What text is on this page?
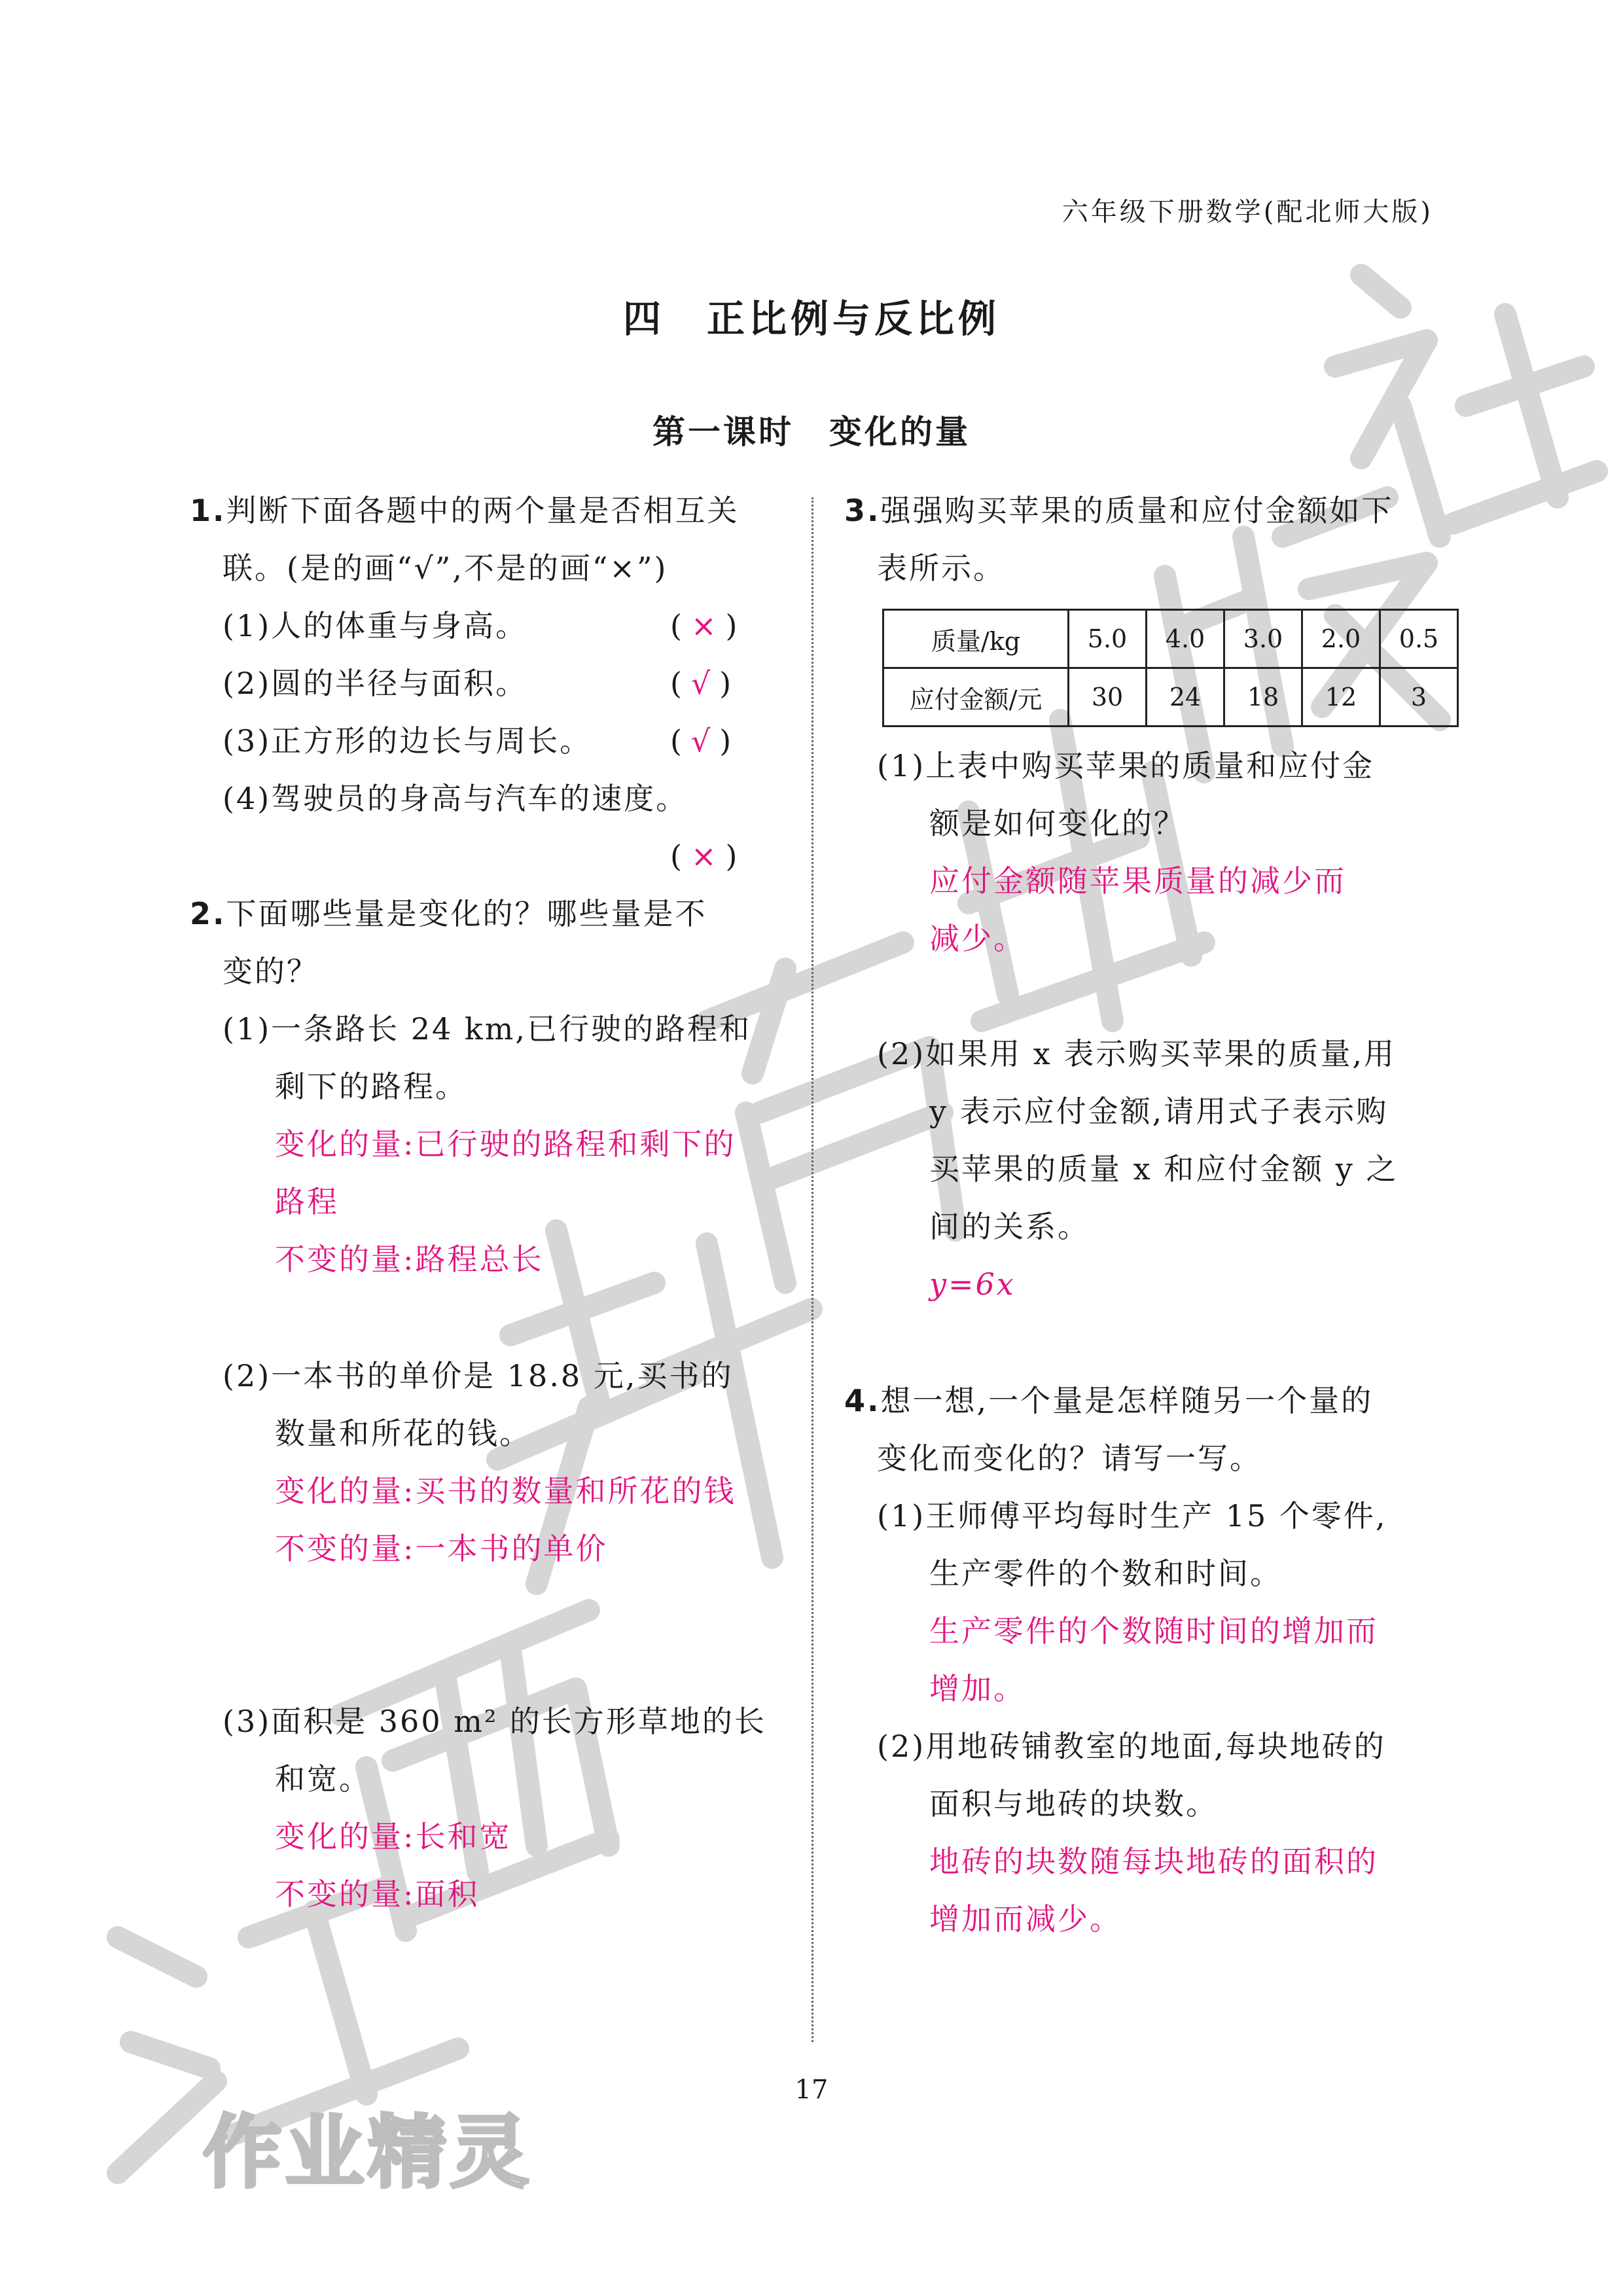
六年级下册数学(配北师大版)
四　正比例与反比例
第一课时　变化的量
1.判断下面各题中的两个量是否相互关
联。(是的画“√”,不是的画“×”)
(1)人的体重与身高。	(×)
(2)圆的半径与面积。	(√)
(3)正方形的边长与周长。	(√)
(4)驾驶员的身高与汽车的速度。
(×)
2.下面哪些量是变化的？哪些量是不
变的？
(1)一条路长 24 km,已行驶的路程和
剩下的路程。
变化的量:已行驶的路程和剩下的
路程
不变的量:路程总长
(2)一本书的单价是 18.8 元,买书的
数量和所花的钱。
变化的量:买书的数量和所花的钱
不变的量:一本书的单价
(3)面积是 360 m² 的长方形草地的长
和宽。
变化的量:长和宽
不变的量:面积
3.强强购买苹果的质量和应付金额如下
表所示。
质量/kg	5.0	4.0	3.0	2.0	0.5
应付金额/元	30	24	18	12	3
(1)上表中购买苹果的质量和应付金
额是如何变化的？
应付金额随苹果质量的减少而
减少。
(2)如果用 x 表示购买苹果的质量,用
y 表示应付金额,请用式子表示购
买苹果的质量 x 和应付金额 y 之
间的关系。
y=6x
4.想一想,一个量是怎样随另一个量的
变化而变化的？请写一写。
(1)王师傅平均每时生产 15 个零件,
生产零件的个数和时间。
生产零件的个数随时间的增加而
增加。
(2)用地砖铺教室的地面,每块地砖的
面积与地砖的块数。
地砖的块数随每块地砖的面积的
增加而减少。
17
作业精灵
